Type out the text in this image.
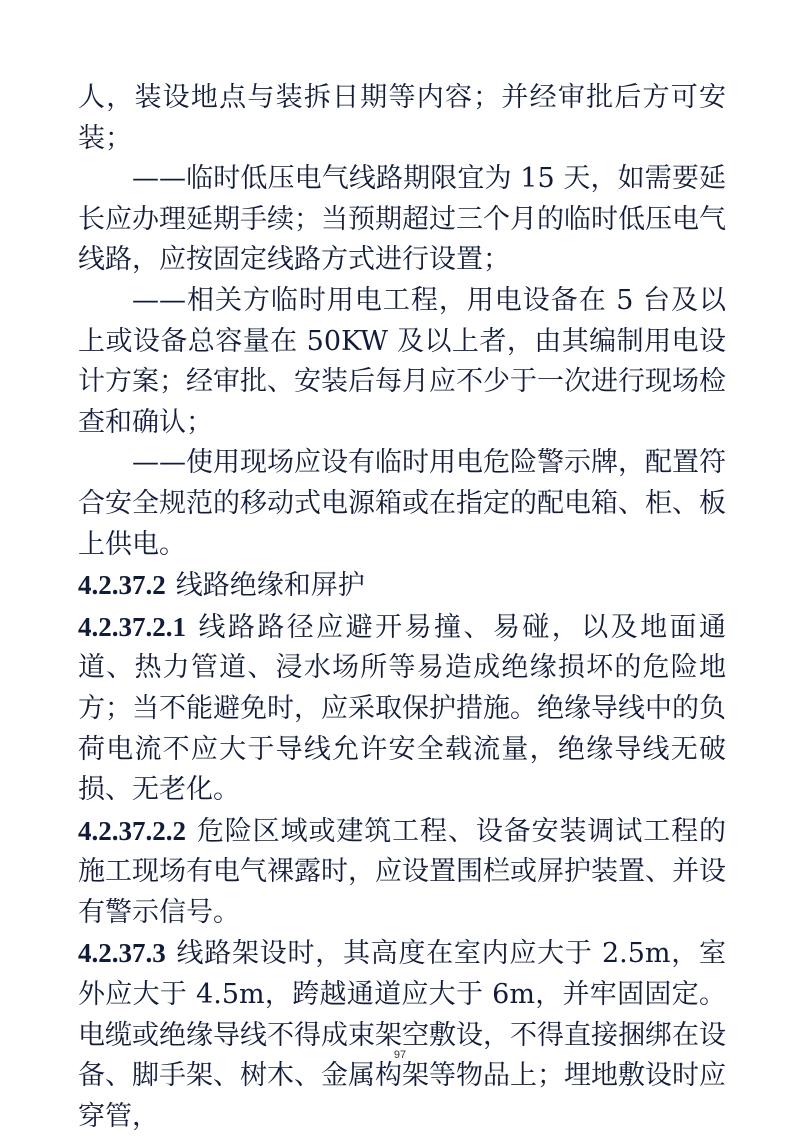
人，装设地点与装拆日期等内容；并经审批后方可安装；

——临时低压电气线路期限宜为 15 天，如需要延长应办理延期手续；当预期超过三个月的临时低压电气线路，应按固定线路方式进行设置；

——相关方临时用电工程，用电设备在 5 台及以上或设备总容量在 50KW 及以上者，由其编制用电设计方案；经审批、安装后每月应不少于一次进行现场检查和确认；

——使用现场应设有临时用电危险警示牌，配置符合安全规范的移动式电源箱或在指定的配电箱、柜、板上供电。

4.2.37.2 线路绝缘和屏护

4.2.37.2.1 线路路径应避开易撞、易碰，以及地面通道、热力管道、浸水场所等易造成绝缘损坏的危险地方；当不能避免时，应采取保护措施。绝缘导线中的负荷电流不应大于导线允许安全载流量，绝缘导线无破损、无老化。

4.2.37.2.2 危险区域或建筑工程、设备安装调试工程的施工现场有电气裸露时，应设置围栏或屏护装置、并设有警示信号。

4.2.37.3 线路架设时，其高度在室内应大于 2.5m，室外应大于 4.5m，跨越通道应大于 6m，并牢固固定。电缆或绝缘导线不得成束架空敷设，不得直接捆绑在设备、脚手架、树木、金属构架等物品上；埋地敷设时应穿管，

97
